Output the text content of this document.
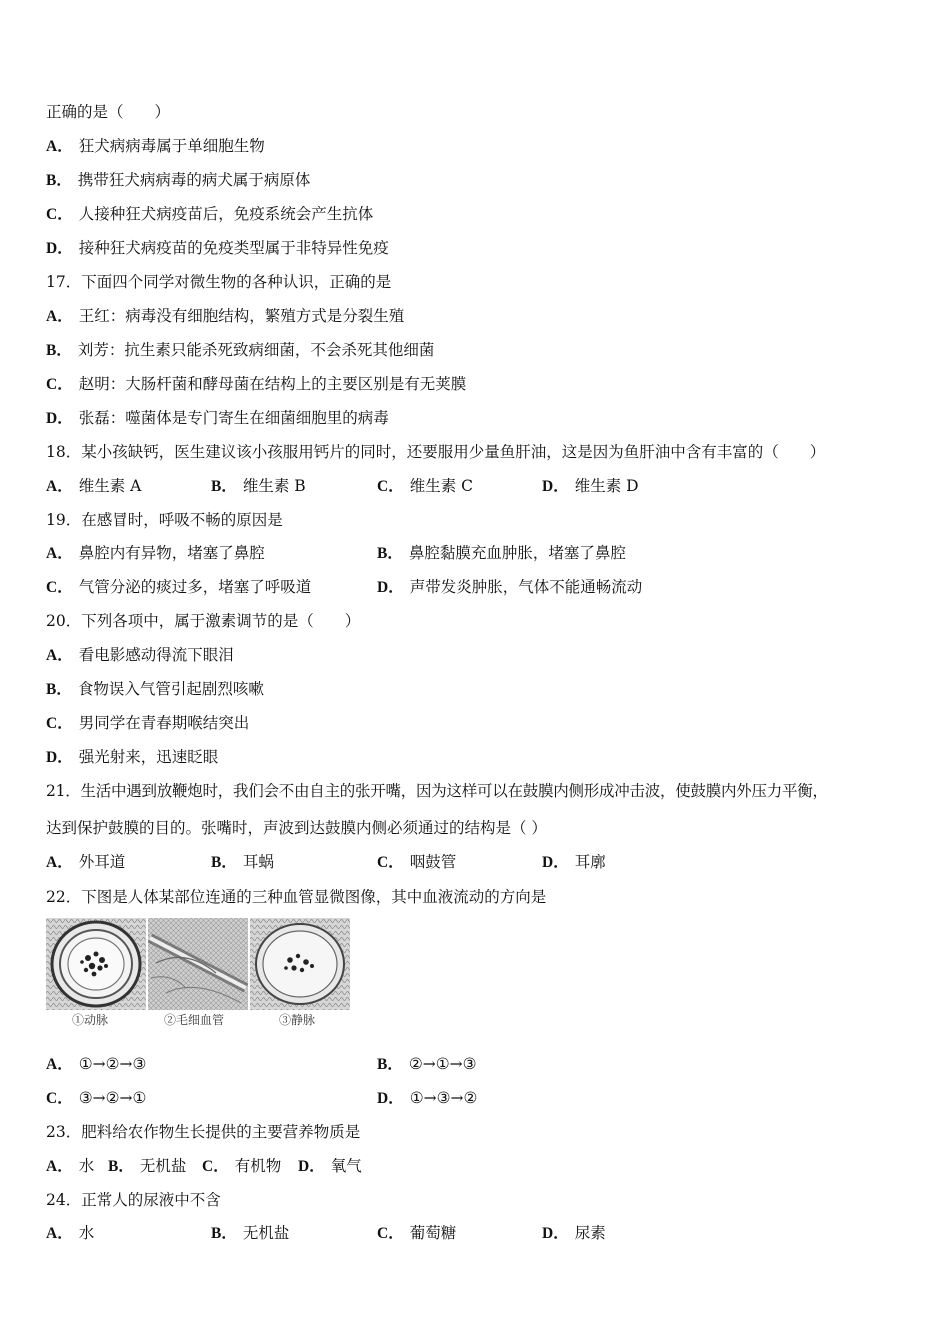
正确的是（　　）
A． 狂犬病病毒属于单细胞生物
B． 携带狂犬病病毒的病犬属于病原体
C． 人接种狂犬病疫苗后，免疫系统会产生抗体
D． 接种狂犬病疫苗的免疫类型属于非特异性免疫
17．下面四个同学对微生物的各种认识，正确的是
A． 王红：病毒没有细胞结构，繁殖方式是分裂生殖
B． 刘芳：抗生素只能杀死致病细菌，不会杀死其他细菌
C． 赵明：大肠杆菌和酵母菌在结构上的主要区别是有无荚膜
D． 张磊：噬菌体是专门寄生在细菌细胞里的病毒
18．某小孩缺钙，医生建议该小孩服用钙片的同时，还要服用少量鱼肝油，这是因为鱼肝油中含有丰富的（　　）
A． 维生素 A	B． 维生素 B	C． 维生素 C	D． 维生素 D
19．在感冒时，呼吸不畅的原因是
A． 鼻腔内有异物，堵塞了鼻腔	B． 鼻腔黏膜充血肿胀，堵塞了鼻腔
C． 气管分泌的痰过多，堵塞了呼吸道	D． 声带发炎肿胀，气体不能通畅流动
20．下列各项中，属于激素调节的是（　　）
A． 看电影感动得流下眼泪
B． 食物误入气管引起剧烈咳嗽
C． 男同学在青春期喉结突出
D． 强光射来，迅速眨眼
21．生活中遇到放鞭炮时，我们会不由自主的张开嘴，因为这样可以在鼓膜内侧形成冲击波，使鼓膜内外压力平衡，
达到保护鼓膜的目的。张嘴时，声波到达鼓膜内侧必须通过的结构是（ ）
A． 外耳道	B． 耳蜗	C． 咽鼓管	D． 耳廓
22．下图是人体某部位连通的三种血管显微图像，其中血液流动的方向是
①动脉	②毛细血管	③静脉
A． ①→②→③	B． ②→①→③
C． ③→②→①	D． ①→③→②
23．肥料给农作物生长提供的主要营养物质是
A． 水 B． 无机盐 C． 有机物 D． 氧气
24．正常人的尿液中不含
A． 水	B． 无机盐	C． 葡萄糖	D． 尿素
